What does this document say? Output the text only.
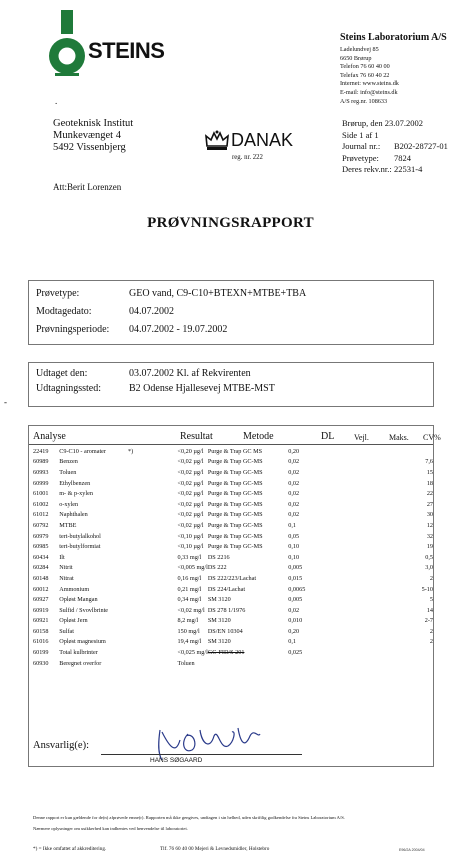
STEINS
.
Steins Laboratorium A/S
Ladelundvej 85
6650 Brørup
Telefon 76 60 40 00
Telefax 76 60 40 22
Internet: www.steins.dk
E-mail: info@steins.dk
A/S reg.nr. 108633
Geoteknisk Institut
Munkevænget 4
5492 Vissenbjerg	DANAK
reg. nr. 222
Brørup, den 23.07.2002
Side 1 af 1
Journal nr.: B202-28727-01
Prøvetype: 7824
Deres rekv.nr.: 22531-4
Att:Berit Lorenzen
PRØVNINGSRAPPORT
Prøvetype:	GEO vand, C9-C10+BTEXN+MTBE+TBA
Modtagedato:	04.07.2002
Prøvningsperiode: 04.07.2002 - 19.07.2002
Udtaget den:	03.07.2002 Kl. af Rekvirenten
Udtagningssted:	B2 Odense Hjallesevej MTBE-MST
-
Analyse	Resultat	Metode	DL Vejl.	Maks. CV%
22419	C9-C10 - aromater *)	<0,20 µg/l	Purge & Trap GC MS	0,20		
60989	Benzen	<0,02 µg/l	Purge & Trap GC-MS	0,02		7,6
60993	Toluen	<0,02 µg/l	Purge & Trap GC-MS	0,02		15
60999	Ethylbenzen	<0,02 µg/l	Purge & Trap GC-MS	0,02		18
61001	m- & p-xylen	<0,02 µg/l	Purge & Trap GC-MS	0,02		22
61002	o-xylen	<0,02 µg/l	Purge & Trap GC-MS	0,02		27
61012	Naphthalen	<0,02 µg/l	Purge & Trap GC-MS	0,02		30
60792	MTBE	<0,02 µg/l	Purge & Trap GC-MS	0,1		12
60979	tert-butylalkohol	<0,10 µg/l	Purge & Trap GC-MS	0,05		32
60985	tert-butylformiat	<0,10 µg/l	Purge & Trap GC-MS	0,10		19
60434	Ilt	0,33 mg/l	DS 2216	0,10		0,5
60284	Nitrit	<0,005 mg/l	DS 222	0,005		3,0
60148	Nitrat	0,16 mg/l	DS 222/223/Lachat	0,015		2
60012	Ammonium	0,21 mg/l	DS 224/Lachat	0,0065		5-10
60927	Opløst Mangan	0,34 mg/l	SM 3120	0,005		5
60919	Sulfid / Svovlbrinte	<0,02 mg/l	DS 278 1/1976	0,02		14
60921	Opløst Jern	8,2 mg/l	SM 3120	0,010		2-7
60158	Sulfat	150 mg/l	DS/EN 10304	0,20		2
61016	Opløst magnesium	19,4 mg/l	SM 3120	0,1		2
60199	Total kulbrinter	<0,025 mg/l	GC-FID/S 201	0,025		
60930	Beregnet overfor	Toluen				
Ansvarlig(e):
HANS SØGAARD
Denne rapport er kun gældende for de(n) afprøvede emne(r). Rapporten må ikke gengives, undtagen i sin helhed, uden skriftlig godkendelse fra Steins Laboratorium A/S.
Nærmere oplysninger om usikkerhed kan indhentes ved henvendelse til laboratoriet.
*) = Ikke omfattet af akkreditering.	Tlf. 76 60 40 00 Mejeri & Levnedsmidler, Holstebro	E96/2A 2004/04
